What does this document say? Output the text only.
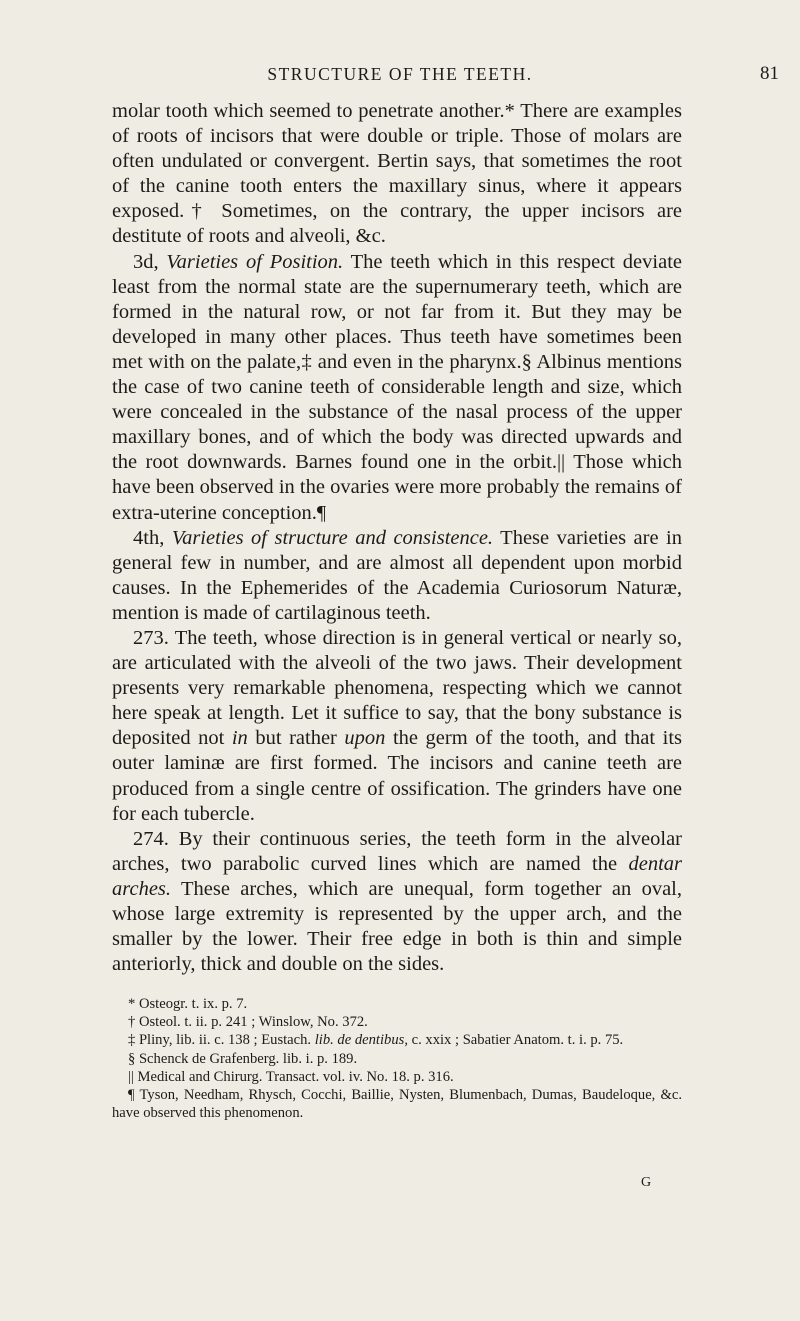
STRUCTURE OF THE TEETH.	81

molar tooth which seemed to penetrate another.* There are examples of roots of incisors that were double or triple. Those of molars are often undulated or convergent. Bertin says, that sometimes the root of the canine tooth enters the maxillary sinus, where it appears exposed.† Sometimes, on the contrary, the upper incisors are destitute of roots and alveoli, &c.

3d, Varieties of Position. The teeth which in this respect deviate least from the normal state are the supernumerary teeth, which are formed in the natural row, or not far from it. But they may be developed in many other places. Thus teeth have sometimes been met with on the palate,‡ and even in the pharynx.§ Albinus mentions the case of two canine teeth of considerable length and size, which were concealed in the substance of the nasal process of the upper maxillary bones, and of which the body was directed upwards and the root downwards. Barnes found one in the orbit.|| Those which have been observed in the ovaries were more probably the remains of extra-uterine conception.¶

4th, Varieties of structure and consistence. These varieties are in general few in number, and are almost all dependent upon morbid causes. In the Ephemerides of the Academia Curiosorum Naturæ, mention is made of cartilaginous teeth.

273. The teeth, whose direction is in general vertical or nearly so, are articulated with the alveoli of the two jaws. Their development presents very remarkable phenomena, respecting which we cannot here speak at length. Let it suffice to say, that the bony substance is deposited not in but rather upon the germ of the tooth, and that its outer laminæ are first formed. The incisors and canine teeth are produced from a single centre of ossification. The grinders have one for each tubercle.

274. By their continuous series, the teeth form in the alveolar arches, two parabolic curved lines which are named the dentar arches. These arches, which are unequal, form together an oval, whose large extremity is represented by the upper arch, and the smaller by the lower. Their free edge in both is thin and simple anteriorly, thick and double on the sides.

* Osteogr. t. ix. p. 7.

† Osteol. t. ii. p. 241 ; Winslow, No. 372.

‡ Pliny, lib. ii. c. 138 ; Eustach. lib. de dentibus, c. xxix ; Sabatier Anatom. t. i. p. 75.

§ Schenck de Grafenberg. lib. i. p. 189.

|| Medical and Chirurg. Transact. vol. iv. No. 18. p. 316.

¶ Tyson, Needham, Rhysch, Cocchi, Baillie, Nysten, Blumenbach, Dumas, Baudeloque, &c. have observed this phenomenon.

G
